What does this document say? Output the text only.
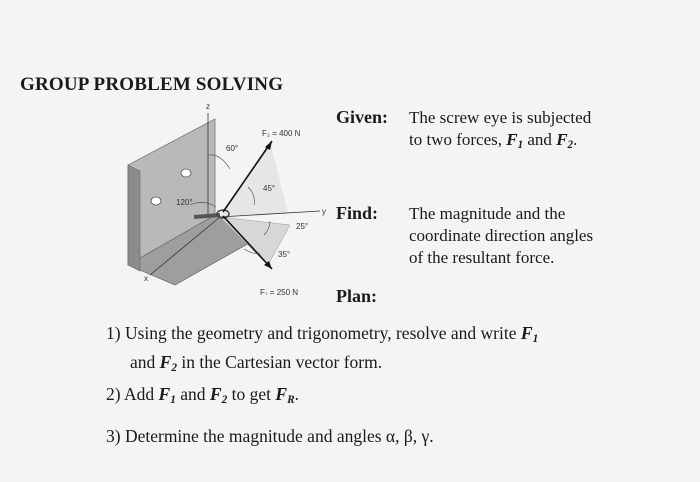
GROUP PROBLEM SOLVING
z
y
x
F₂ = 400 N
F₁ = 250 N
60°
45°
120°
25°
35°
Given: The screw eye is subjected
to two forces, $F_1$ and $F_2$.
Find: The magnitude and the
coordinate direction angles
of the resultant force.
Plan:
1) Using the geometry and trigonometry, resolve and write $F_1$
and $F_2$ in the Cartesian vector form.
2) Add $F_1$ and $F_2$ to get $F_R$.
3) Determine the magnitude and angles α, β, γ.
